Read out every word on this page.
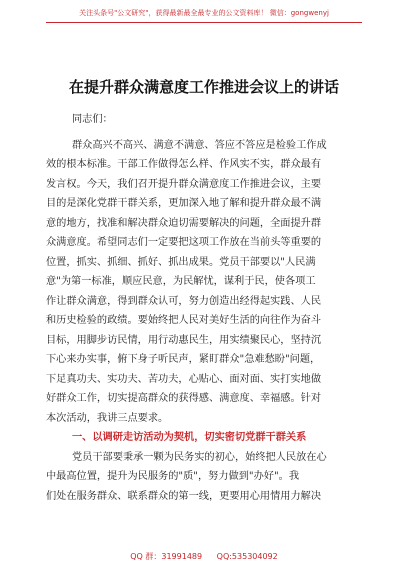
关注头条号"公文研究"，获得最新最全最专业的公文资料库！ 微信：gongwenyj
在提升群众满意度工作推进会议上的讲话
同志们：
群众高兴不高兴、满意不满意、答应不答应是检验工作成
效的根本标准。干部工作做得怎么样、作风实不实，群众最有
发言权。今天，我们召开提升群众满意度工作推进会议，主要
目的是深化党群干群关系，更加深入地了解和提升群众最不满
意的地方，找准和解决群众迫切需要解决的问题，全面提升群
众满意度。希望同志们一定要把这项工作放在当前头等重要的
位置，抓实、抓细、抓好、抓出成果。党员干部要以"人民满
意"为第一标准，顺应民意，为民解忧，谋利于民，使各项工
作让群众满意，得到群众认可，努力创造出经得起实践、人民
和历史检验的政绩。要始终把人民对美好生活的向往作为奋斗
目标，用脚步访民情，用行动惠民生，用实绩聚民心，坚持沉
下心来办实事，俯下身子听民声，紧盯群众"急难愁盼"问题，
下足真功夫、实功夫、苦功夫，心贴心、面对面、实打实地做
好群众工作，切实提高群众的获得感、满意度、幸福感。针对
本次活动，我讲三点要求。
一、以调研走访活动为契机，切实密切党群干群关系
党员干部要秉承一颗为民务实的初心，始终把人民放在心
中最高位置，提升为民服务的"质"，努力做到"办好"。我
们处在服务群众、联系群众的第一线，更要用心用情用力解决
QQ 群：31991489 QQ:535304092
